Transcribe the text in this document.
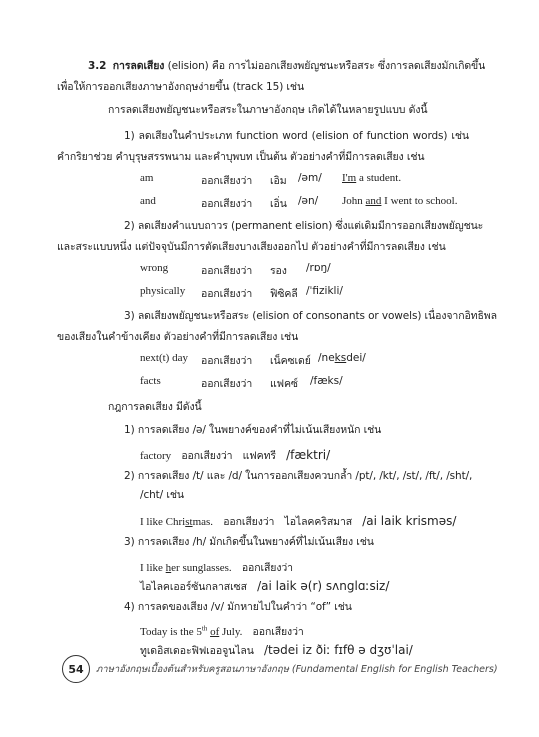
3.2 การลดเสียง (elision) คือ การไม่ออกเสียงพยัญชนะหรือสระ ซึ่งการลดเสียงมักเกิดขึ้น
เพื่อให้การออกเสียงภาษาอังกฤษง่ายขึ้น (track 15) เช่น
การลดเสียงพยัญชนะหรือสระในภาษาอังกฤษ เกิดได้ในหลายรูปแบบ ดังนี้
1) ลดเสียงในคำประเภท function word (elision of function words) เช่น
คำกริยาช่วย คำบุรุษสรรพนาม และคำบุพบท เป็นต้น ตัวอย่างคำที่มีการลดเสียง เช่น
am	ออกเสียงว่า เอิม /əm/ I'm a student.
and	ออกเสียงว่า เอิ่น /ən/ John and I went to school.
2) ลดเสียงคำแบบถาวร (permanent elision) ซึ่งแต่เดิมมีการออกเสียงพยัญชนะ
และสระแบบหนึ่ง แต่ปัจจุบันมีการตัดเสียงบางเสียงออกไป ตัวอย่างคำที่มีการลดเสียง เช่น
wrong	ออกเสียงว่า รอง /rɒŋ/
physically ออกเสียงว่า ฟิซิคลี /ˈfizikli/
3) ลดเสียงพยัญชนะหรือสระ (elision of consonants or vowels) เนื่องจากอิทธิพล
ของเสียงในคำข้างเคียง ตัวอย่างคำที่มีการลดเสียง เช่น
next(t) day ออกเสียงว่า เน็คซเดย์ /neksdei/
facts	ออกเสียงว่า แฟคซ์ /fæks/
กฎการลดเสียง มีดังนี้
1) การลดเสียง /ə/ ในพยางค์ของคำที่ไม่เน้นเสียงหนัก เช่น
factory ออกเสียงว่า แฟคทรี /fæktri/
2) การลดเสียง /t/ และ /d/ ในการออกเสียงควบกล้ำ /pt/, /kt/, /st/, /ft/, /sht/,
/cht/ เช่น
I like Christmas. ออกเสียงว่า ไอไลคคริสมาส /ai laik krisməs/
3) การลดเสียง /h/ มักเกิดขึ้นในพยางค์ที่ไม่เน้นเสียง เช่น
I like her sunglasses. ออกเสียงว่า
ไอไลคเออร์ซันกลาสเซส /ai laik ə(r) sʌnglɑːsiz/
4) การลดของเสียง /v/ มักหายไปในคำว่า “of” เช่น
Today is the 5th of July. ออกเสียงว่า
ทูเดอิสเดอะฟิฟเออจูนไลน /tədei iz ðiː fɪfθ ə dʒʊˈlai/
54	ภาษาอังกฤษเบื้องต้นสำหรับครูสอนภาษาอังกฤษ (Fundamental English for English Teachers)
